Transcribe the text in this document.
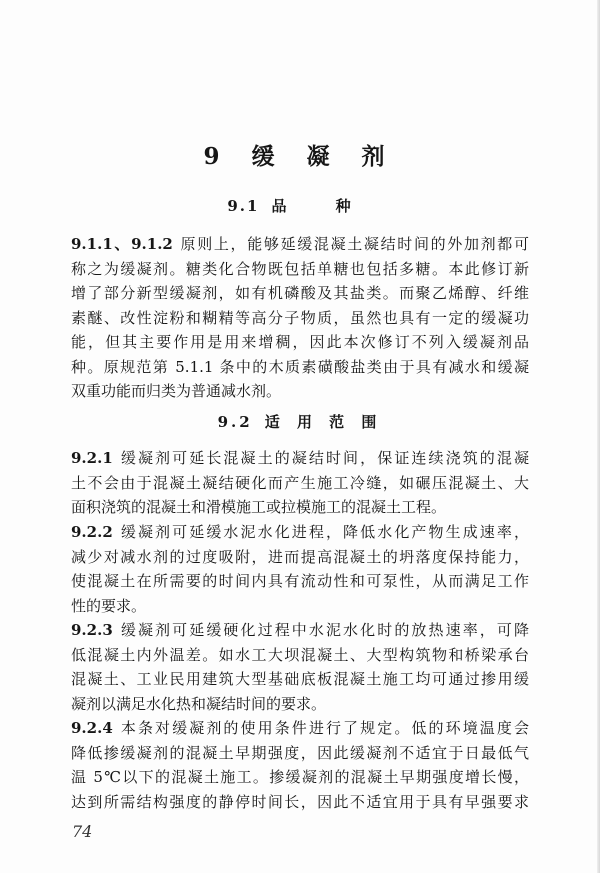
9 缓 凝 剂
9.1 品 种
9.1.1、9.1.2 原则上，能够延缓混凝土凝结时间的外加剂都可
称之为缓凝剂。糖类化合物既包括单糖也包括多糖。本此修订新
增了部分新型缓凝剂，如有机磷酸及其盐类。而聚乙烯醇、纤维
素醚、改性淀粉和糊精等高分子物质，虽然也具有一定的缓凝功
能，但其主要作用是用来增稠，因此本次修订不列入缓凝剂品
种。原规范第 5.1.1 条中的木质素磺酸盐类由于具有减水和缓凝
双重功能而归类为普通减水剂。
9.2 适 用 范 围
9.2.1 缓凝剂可延长混凝土的凝结时间，保证连续浇筑的混凝
土不会由于混凝土凝结硬化而产生施工冷缝，如碾压混凝土、大
面积浇筑的混凝土和滑模施工或拉模施工的混凝土工程。
9.2.2 缓凝剂可延缓水泥水化进程，降低水化产物生成速率，
减少对减水剂的过度吸附，进而提高混凝土的坍落度保持能力，
使混凝土在所需要的时间内具有流动性和可泵性，从而满足工作
性的要求。
9.2.3 缓凝剂可延缓硬化过程中水泥水化时的放热速率，可降
低混凝土内外温差。如水工大坝混凝土、大型构筑物和桥梁承台
混凝土、工业民用建筑大型基础底板混凝土施工均可通过掺用缓
凝剂以满足水化热和凝结时间的要求。
9.2.4 本条对缓凝剂的使用条件进行了规定。低的环境温度会
降低掺缓凝剂的混凝土早期强度，因此缓凝剂不适宜于日最低气
温 5℃以下的混凝土施工。掺缓凝剂的混凝土早期强度增长慢，
达到所需结构强度的静停时间长，因此不适宜用于具有早强要求
74
